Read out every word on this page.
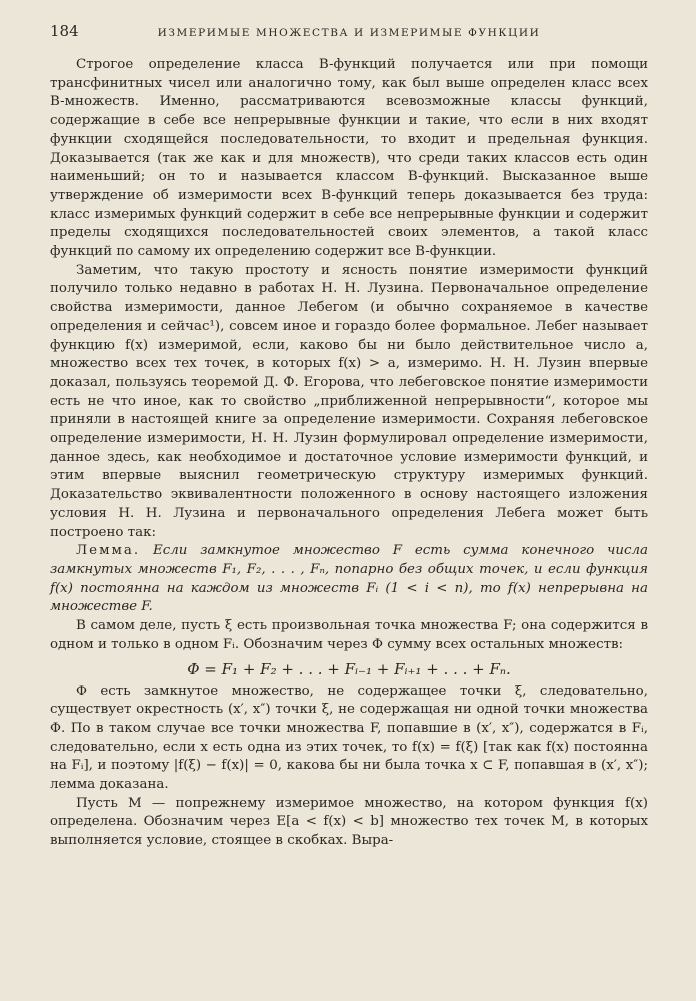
184	ИЗМЕРИМЫЕ МНОЖЕСТВА И ИЗМЕРИМЫЕ ФУНКЦИИ

Строгое определение класса B-функций получается или при помощи трансфинитных чисел или аналогично тому, как был выше определен класс всех B-множеств. Именно, рассматриваются всевозможные классы функций, содержащие в себе все непрерывные функции и такие, что если в них входят функции сходящейся последовательности, то входит и предельная функция. Доказывается (так же как и для множеств), что среди таких классов есть один наименьший; он то и называется классом B-функций. Высказанное выше утверждение об измеримости всех B-функций теперь доказывается без труда: класс измеримых функций содержит в себе все непрерывные функции и содержит пределы сходящихся последовательностей своих элементов, а такой класс функций по самому их определению содержит все B-функции.

Заметим, что такую простоту и ясность понятие измеримости функций получило только недавно в работах Н. Н. Лузина. Первоначальное определение свойства измеримости, данное Лебегом (и обычно сохраняемое в качестве определения и сейчас¹), совсем иное и гораздо более формальное. Лебег называет функцию f(x) измеримой, если, каково бы ни было действительное число a, множество всех тех точек, в которых f(x) > a, измеримо. Н. Н. Лузин впервые доказал, пользуясь теоремой Д. Ф. Егорова, что лебеговское понятие измеримости есть не что иное, как то свойство „приближенной непрерывности“, которое мы приняли в настоящей книге за определение измеримости. Сохраняя лебеговское определение измеримости, Н. Н. Лузин формулировал определение измеримости, данное здесь, как необходимое и достаточное условие измеримости функций, и этим впервые выяснил геометрическую структуру измеримых функций. Доказательство эквивалентности положенного в основу настоящего изложения условия Н. Н. Лузина и первоначального определения Лебега может быть построено так:

Лемма. Если замкнутое множество F есть сумма конечного числа замкнутых множеств F₁, F₂, . . . , Fₙ, попарно без общих точек, и если функция f(x) постоянна на каждом из множеств Fᵢ (1 < i < n), то f(x) непрерывна на множестве F.

В самом деле, пусть ξ есть произвольная точка множества F; она содержится в одном и только в одном Fᵢ. Обозначим через Φ сумму всех остальных множеств:

Φ = F₁ + F₂ + . . . + Fᵢ₋₁ + Fᵢ₊₁ + . . . + Fₙ.

Φ есть замкнутое множество, не содержащее точки ξ, следовательно, существует окрестность (x′, x″) точки ξ, не содержащая ни одной точки множества Φ. По в таком случае все точки множества F, попавшие в (x′, x″), содержатся в Fᵢ, следовательно, если x есть одна из этих точек, то f(x) = f(ξ) [так как f(x) постоянна на Fᵢ], и поэтому |f(ξ) − f(x)| = 0, какова бы ни была точка x ⊂ F, попавшая в (x′, x″); лемма доказана.

Пусть M — попрежнему измеримое множество, на котором функция f(x) определена. Обозначим через E[a < f(x) < b] множество тех точек M, в которых выполняется условие, стоящее в скобках. Выра-
